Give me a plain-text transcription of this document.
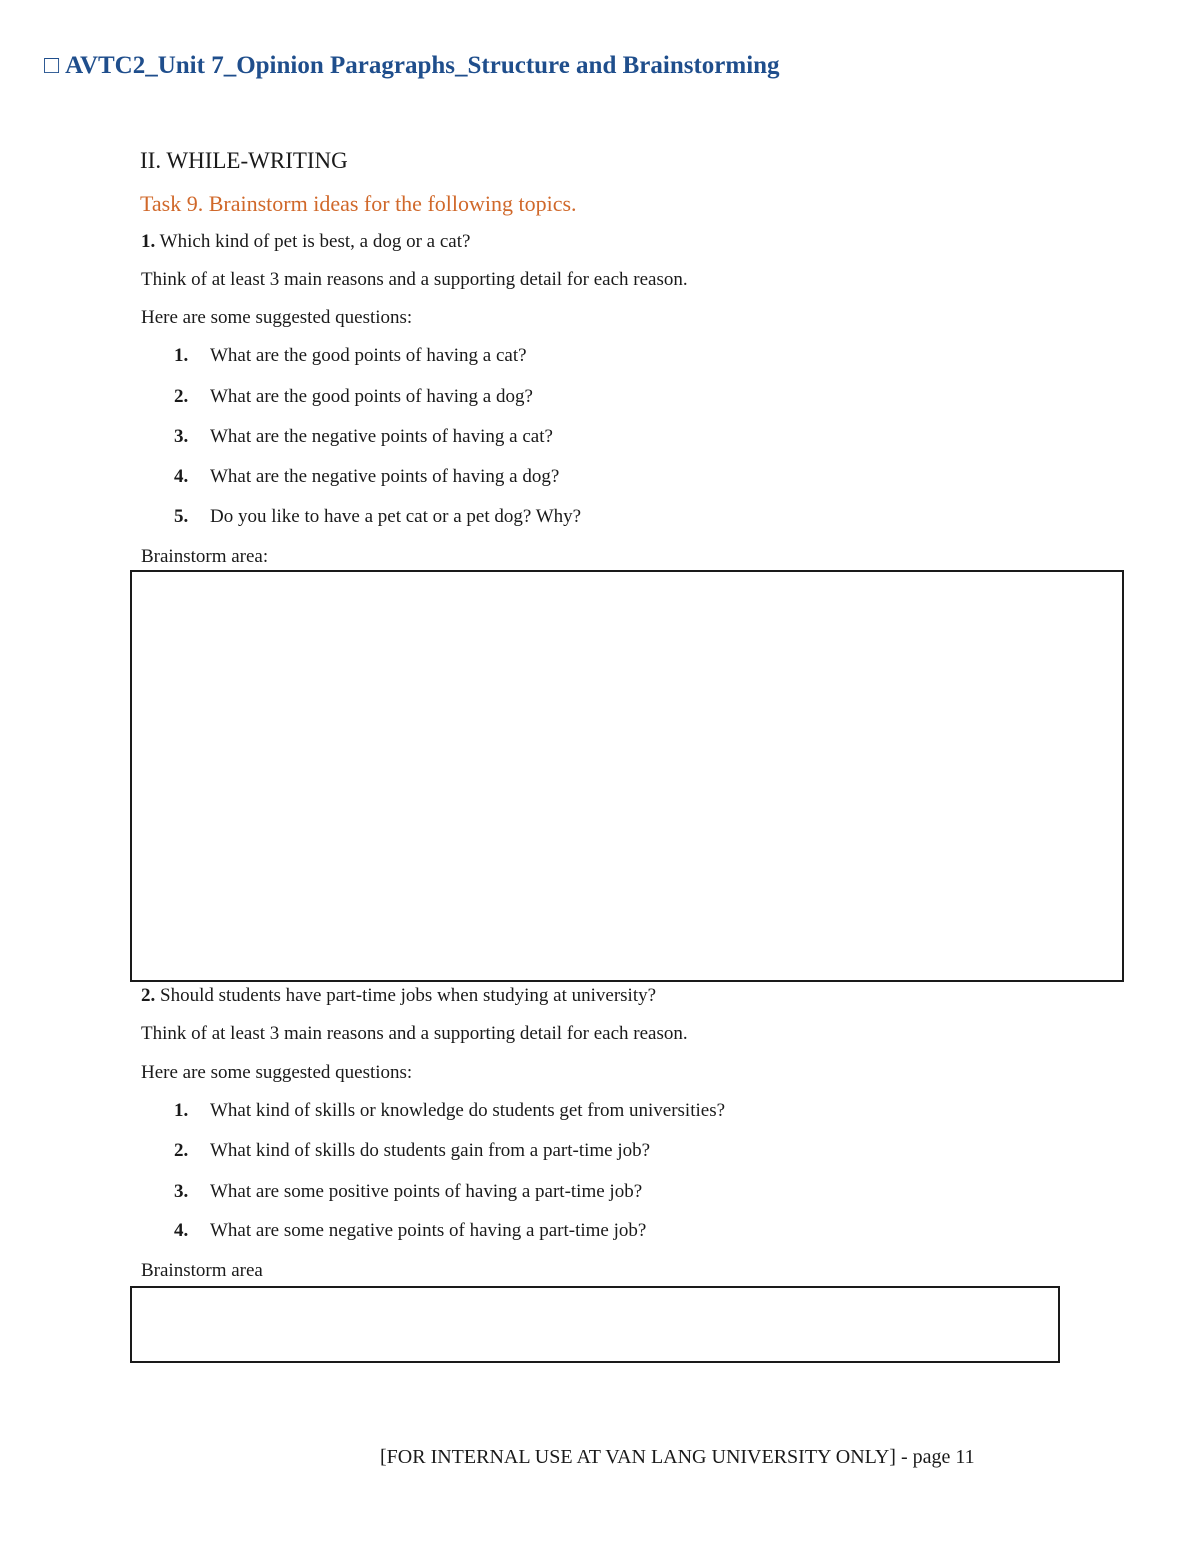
□ AVTC2_Unit 7_Opinion Paragraphs_Structure and Brainstorming
II. WHILE-WRITING
Task 9. Brainstorm ideas for the following topics.
1. Which kind of pet is best, a dog or a cat?
Think of at least 3 main reasons and a supporting detail for each reason.
Here are some suggested questions:
1. What are the good points of having a cat?
2. What are the good points of having a dog?
3. What are the negative points of having a cat?
4. What are the negative points of having a dog?
5. Do you like to have a pet cat or a pet dog? Why?
Brainstorm area:
2. Should students have part-time jobs when studying at university?
Think of at least 3 main reasons and a supporting detail for each reason.
Here are some suggested questions:
1. What kind of skills or knowledge do students get from universities?
2. What kind of skills do students gain from a part-time job?
3. What are some positive points of having a part-time job?
4. What are some negative points of having a part-time job?
Brainstorm area
[FOR INTERNAL USE AT VAN LANG UNIVERSITY ONLY] - page 11
